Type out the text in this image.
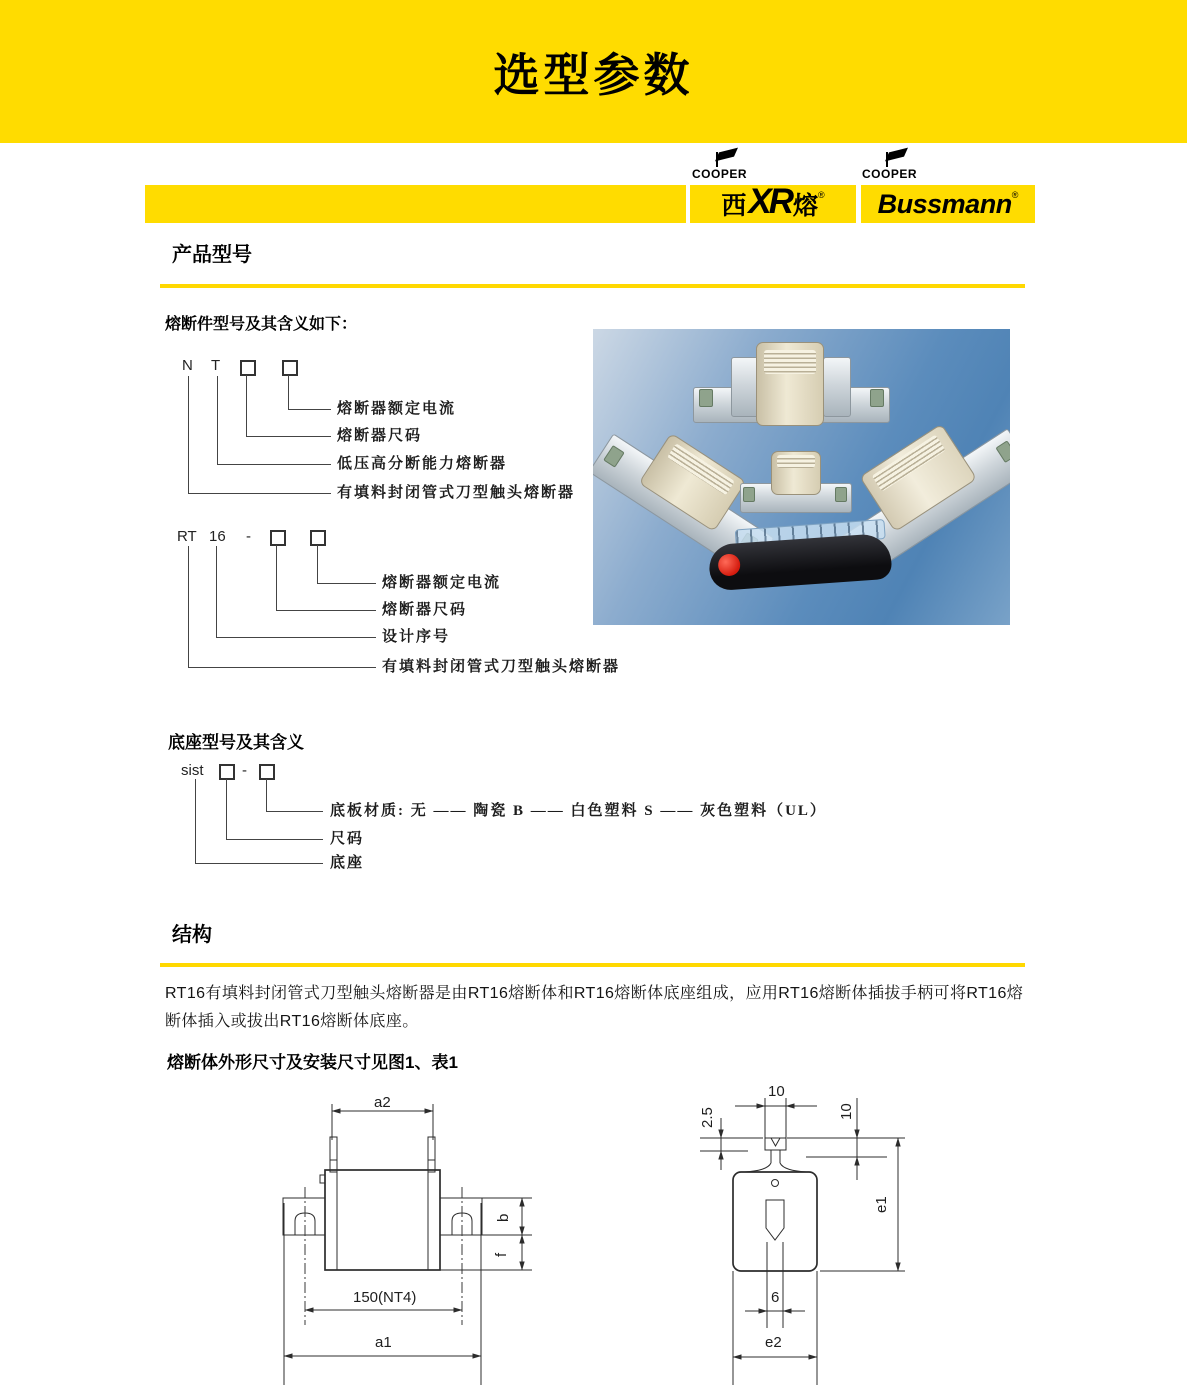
选型参数
COOPER
西 XR 熔 ®
COOPER
Bussmann ®
产品型号
熔断件型号及其含义如下：
N T
熔断器额定电流
熔断器尺码
低压高分断能力熔断器
有填料封闭管式刀型触头熔断器
RT 16 -
熔断器额定电流
熔断器尺码
设计序号
有填料封闭管式刀型触头熔断器
底座型号及其含义
sist	-
底板材质: 无 —— 陶瓷 B —— 白色塑料 S —— 灰色塑料（UL）
尺码
底座
结构
RT16有填料封闭管式刀型触头熔断器是由RT16熔断体和RT16熔断体底座组成，应用RT16熔断体插拔手柄可将RT16熔断体插入或拔出RT16熔断体底座。
熔断体外形尺寸及安装尺寸见图1、表1
a2
b
f
150(NT4)
a1
10
2.5	10
e1
6
e2
